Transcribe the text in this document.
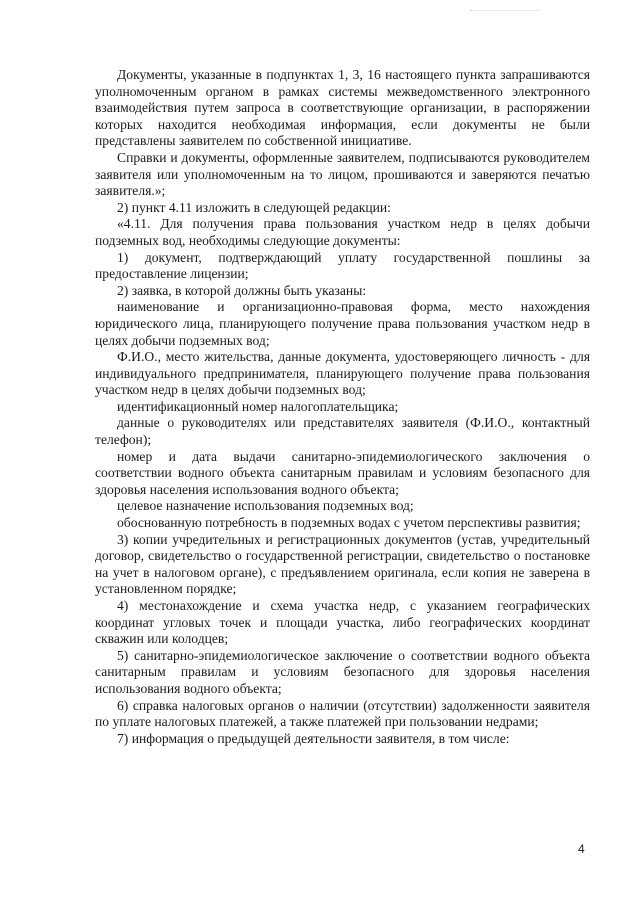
Документы, указанные в подпунктах 1, 3, 16 настоящего пункта запрашиваются уполномоченным органом в рамках системы межведомственного электронного взаимодействия путем запроса в соответствующие организации, в распоряжении которых находится необходимая информация, если документы не были представлены заявителем по собственной инициативе.

Справки и документы, оформленные заявителем, подписываются руководителем заявителя или уполномоченным на то лицом, прошиваются и заверяются печатью заявителя.»;

2) пункт 4.11 изложить в следующей редакции:

«4.11. Для получения права пользования участком недр в целях добычи подземных вод, необходимы следующие документы:

1) документ, подтверждающий уплату государственной пошлины за предоставление лицензии;

2) заявка, в которой должны быть указаны:

наименование и организационно-правовая форма, место нахождения юридического лица, планирующего получение права пользования участком недр в целях добычи подземных вод;

Ф.И.О., место жительства, данные документа, удостоверяющего личность - для индивидуального предпринимателя, планирующего получение права пользования участком недр в целях добычи подземных вод;

идентификационный номер налогоплательщика;

данные о руководителях или представителях заявителя (Ф.И.О., контактный телефон);

номер и дата выдачи санитарно-эпидемиологического заключения о соответствии водного объекта санитарным правилам и условиям безопасного для здоровья населения использования водного объекта;

целевое назначение использования подземных вод;

обоснованную потребность в подземных водах с учетом перспективы развития;

3) копии учредительных и регистрационных документов (устав, учредительный договор, свидетельство о государственной регистрации, свидетельство о постановке на учет в налоговом органе), с предъявлением оригинала, если копия не заверена в установленном порядке;

4) местонахождение и схема участка недр, с указанием географических координат угловых точек и площади участка, либо географических координат скважин или колодцев;

5) санитарно-эпидемиологическое заключение о соответствии водного объекта санитарным правилам и условиям безопасного для здоровья населения использования водного объекта;

6) справка налоговых органов о наличии (отсутствии) задолженности заявителя по уплате налоговых платежей, а также платежей при пользовании недрами;

7) информация о предыдущей деятельности заявителя, в том числе:

4
